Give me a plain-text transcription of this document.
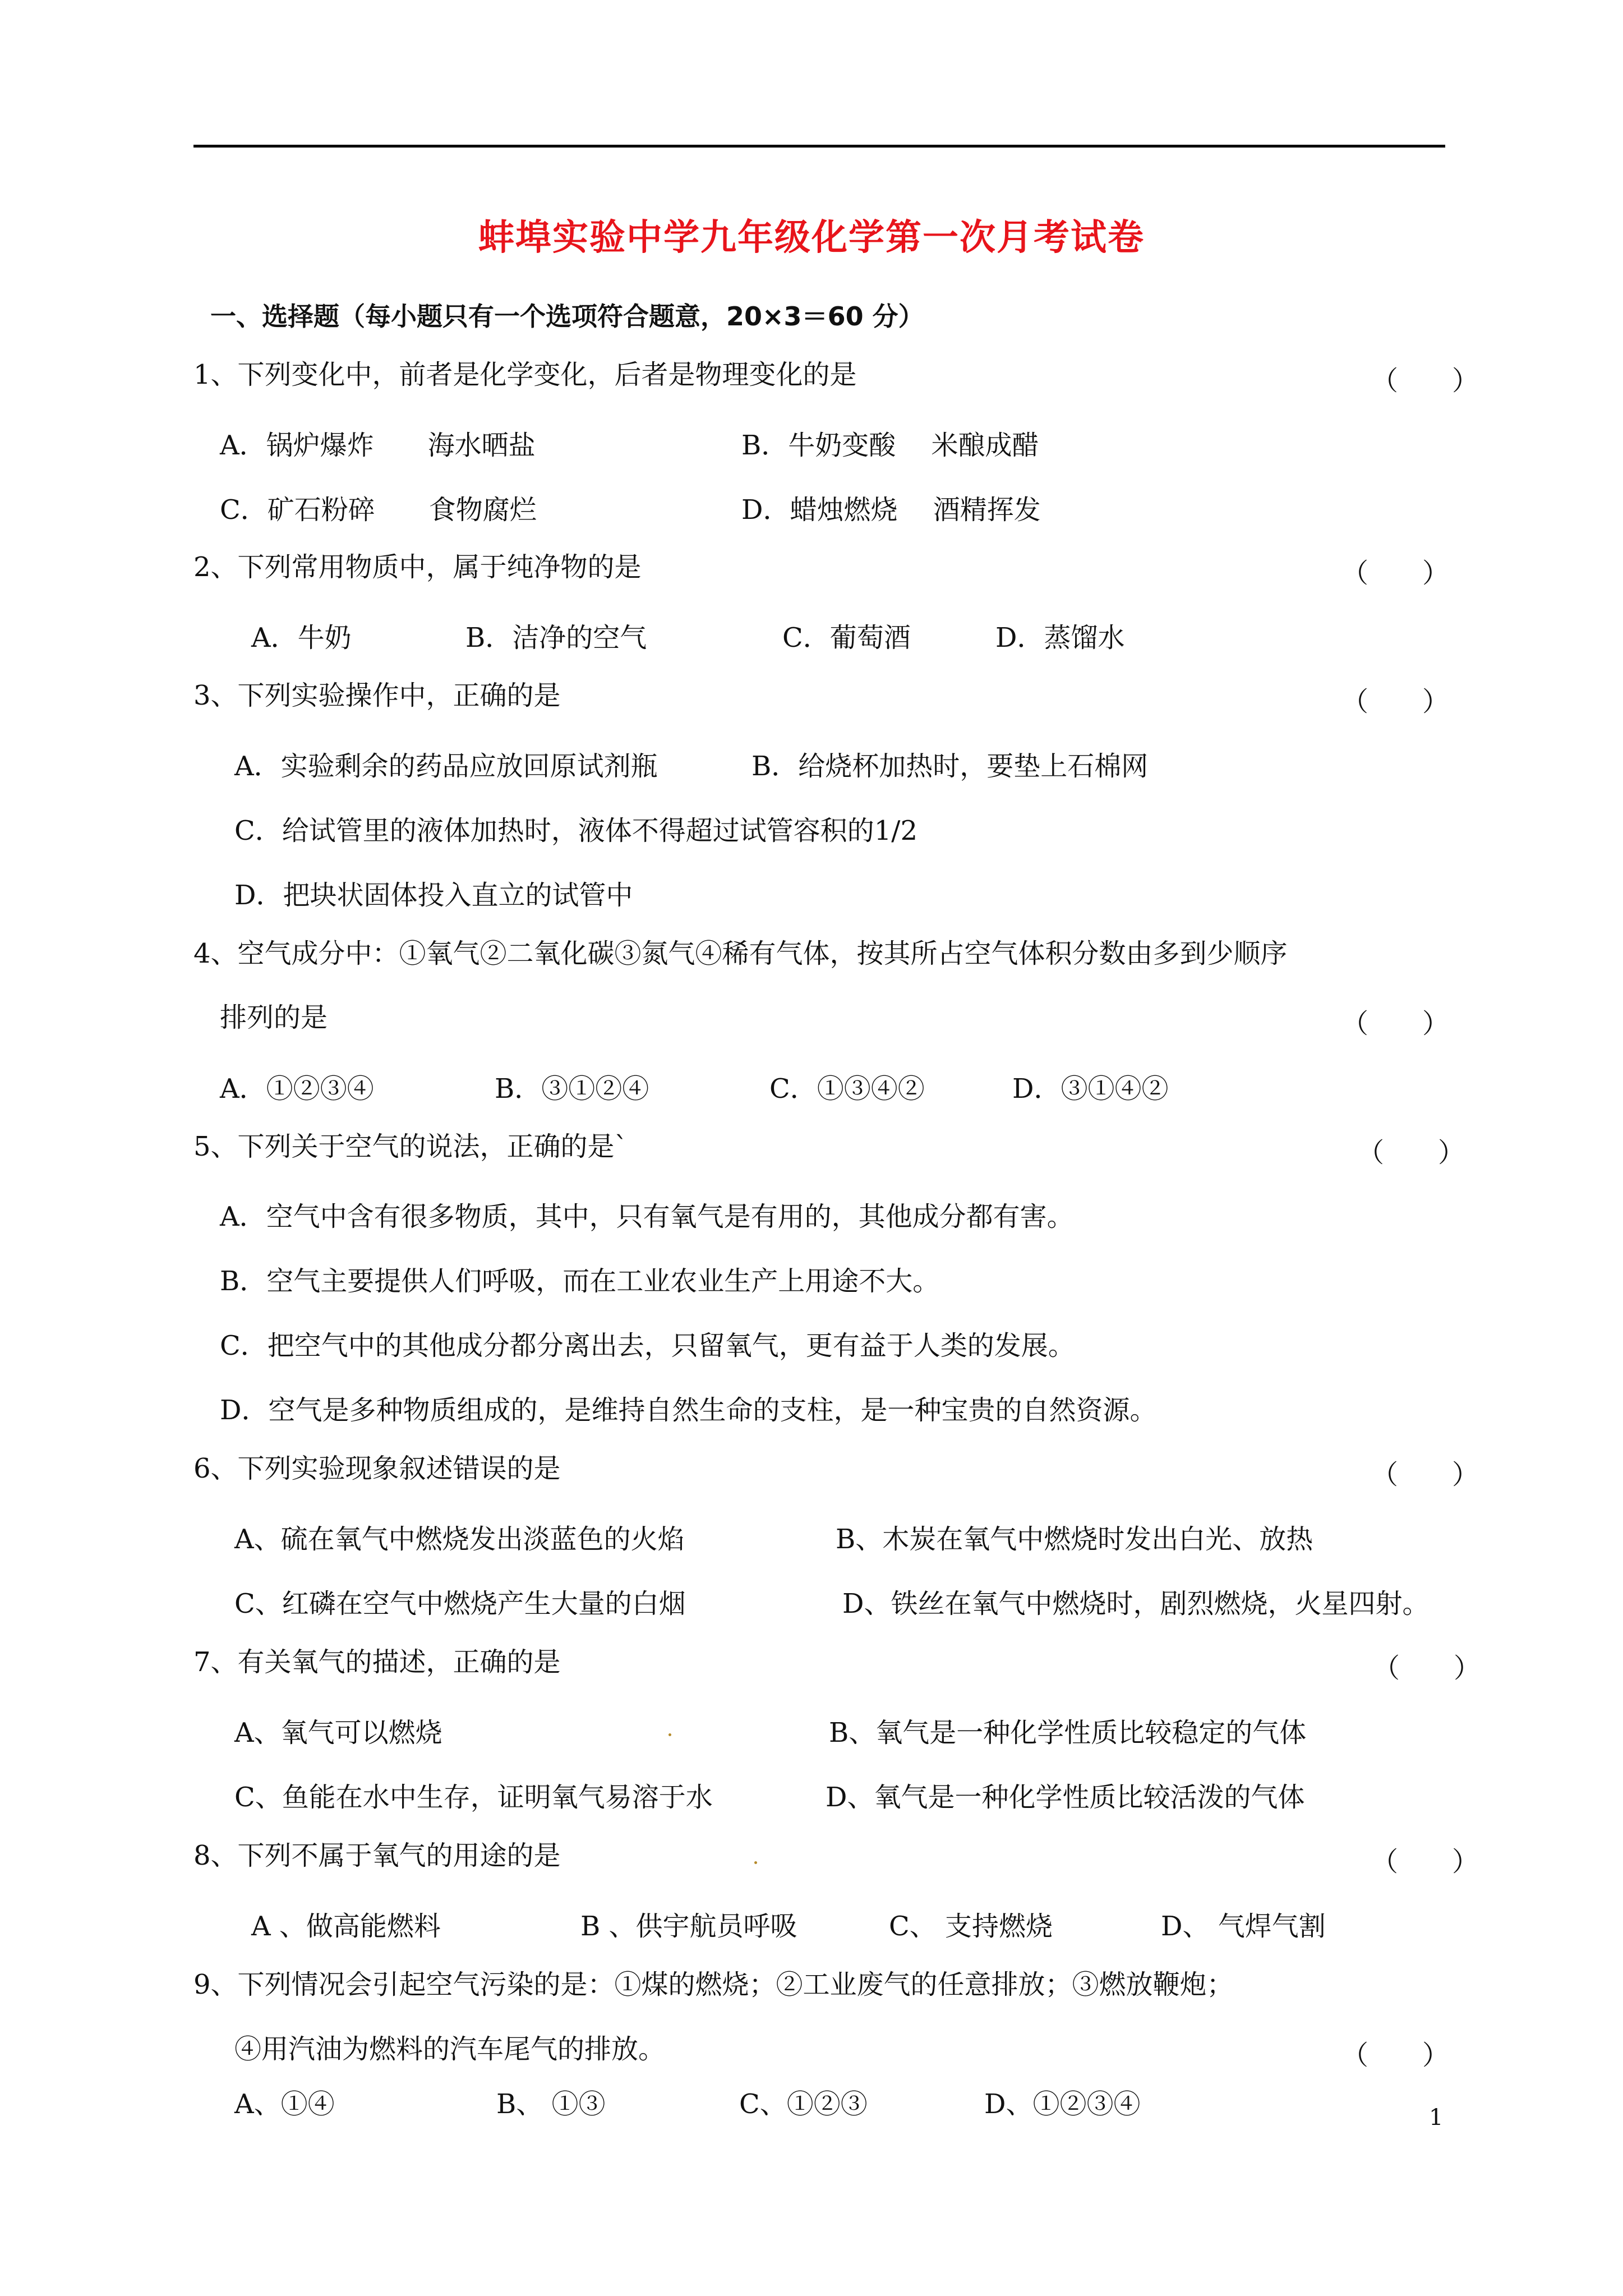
蚌埠实验中学九年级化学第一次月考试卷
一、选择题（每小题只有一个选项符合题意，20×3＝60 分）
1、下列变化中，前者是化学变化，后者是物理变化的是	（　　）
A．锅炉爆炸　　海水晒盐	B．牛奶变酸　 米酿成醋
C．矿石粉碎　　食物腐烂	D．蜡烛燃烧　 酒精挥发
2、下列常用物质中，属于纯净物的是	（　　）
A．牛奶	B．洁净的空气	C．葡萄酒	D．蒸馏水
3、下列实验操作中，正确的是	（　　）
A．实验剩余的药品应放回原试剂瓶	B．给烧杯加热时，要垫上石棉网
C．给试管里的液体加热时，液体不得超过试管容积的1/2
D．把块状固体投入直立的试管中
4、空气成分中：①氧气②二氧化碳③氮气④稀有气体，按其所占空气体积分数由多到少顺序
排列的是	（　　）
A．①②③④	B．③①②④	C．①③④②	D．③①④②
5、下列关于空气的说法，正确的是`	（　　）
A．空气中含有很多物质，其中，只有氧气是有用的，其他成分都有害。
B．空气主要提供人们呼吸，而在工业农业生产上用途不大。
C．把空气中的其他成分都分离出去，只留氧气，更有益于人类的发展。
D．空气是多种物质组成的，是维持自然生命的支柱，是一种宝贵的自然资源。
6、下列实验现象叙述错误的是	（　　）
A、硫在氧气中燃烧发出淡蓝色的火焰	B、木炭在氧气中燃烧时发出白光、放热
C、红磷在空气中燃烧产生大量的白烟	D、铁丝在氧气中燃烧时，剧烈燃烧，火星四射。
7、有关氧气的描述，正确的是	（　　）
A、氧气可以燃烧	B、氧气是一种化学性质比较稳定的气体
C、鱼能在水中生存，证明氧气易溶于水	D、氧气是一种化学性质比较活泼的气体
8、下列不属于氧气的用途的是	（　　）
A 、做高能燃料	B 、供宇航员呼吸	C、 支持燃烧	D、 气焊气割
9、下列情况会引起空气污染的是：①煤的燃烧；②工业废气的任意排放；③燃放鞭炮；
④用汽油为燃料的汽车尾气的排放。	（　　）
A、①④	B、 ①③	C、①②③	D、①②③④	1
